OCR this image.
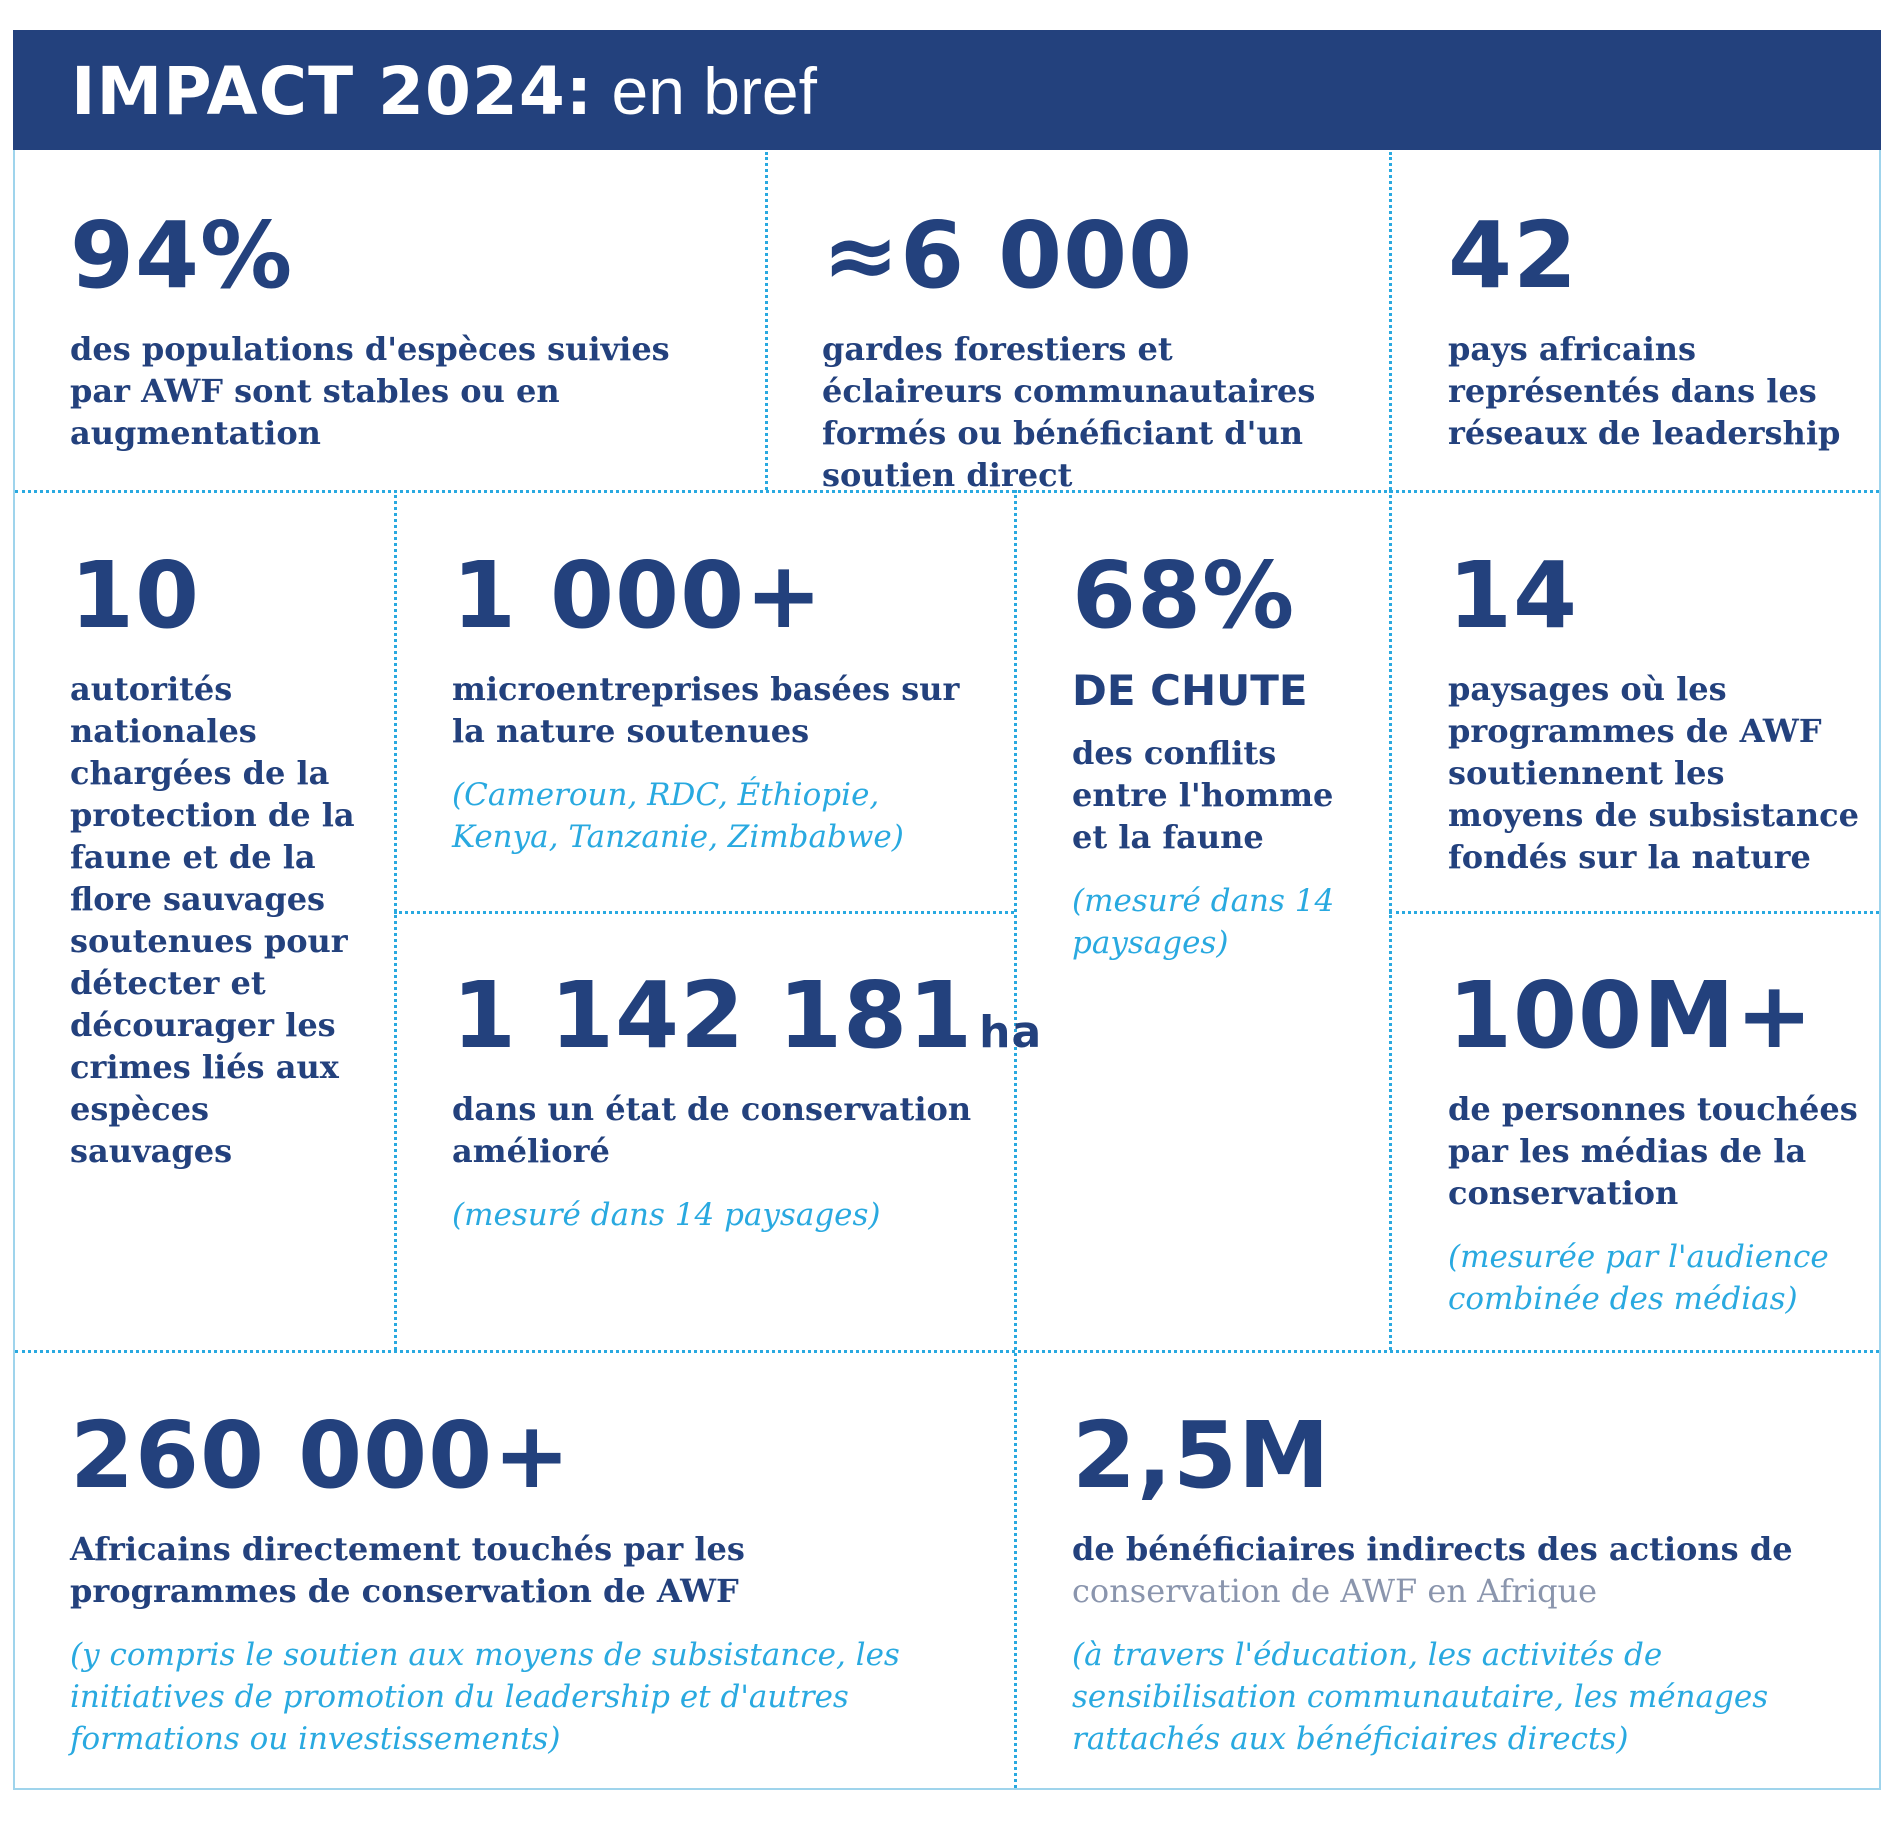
IMPACT 2024: en bref
94%
des populations d'espèces suivies par AWF sont stables ou en augmentation
≈6 000
gardes forestiers et éclaireurs communautaires formés ou bénéficiant d'un soutien direct
42
pays africains représentés dans les réseaux de leadership
10
autorités nationales chargées de la protection de la faune et de la flore sauvages soutenues pour détecter et décourager les crimes liés aux espèces sauvages
1 000+
microentreprises basées sur la nature soutenues
(Cameroun, RDC, Éthiopie, Kenya, Tanzanie, Zimbabwe)
1 142 181 ha
dans un état de conservation amélioré
(mesuré dans 14 paysages)
68%
DE CHUTE
des conflits entre l'homme et la faune
(mesuré dans 14 paysages)
14
paysages où les programmes de AWF soutiennent les moyens de subsistance fondés sur la nature
100M+
de personnes touchées par les médias de la conservation
(mesurée par l'audience combinée des médias)
260 000+
Africains directement touchés par les programmes de conservation de AWF
(y compris le soutien aux moyens de subsistance, les initiatives de promotion du leadership et d'autres formations ou investissements)
2,5M
de bénéficiaires indirects des actions de
conservation de AWF en Afrique
(à travers l'éducation, les activités de sensibilisation communautaire, les ménages rattachés aux bénéficiaires directs)
